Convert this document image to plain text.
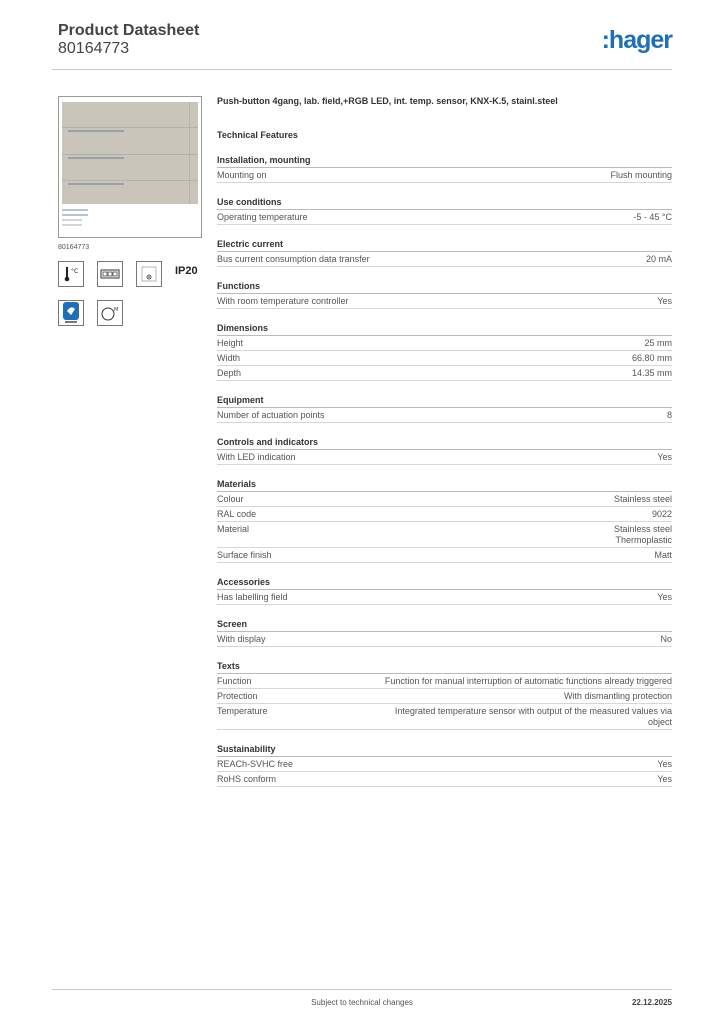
Product Datasheet
80164773	:hager
80164773
°C	IP20
M
Push-button 4gang, lab. field,+RGB LED, int. temp. sensor, KNX-K.5, stainl.steel
Technical Features
Installation, mounting
Mounting on	Flush mounting
Use conditions
Operating temperature	-5 - 45 °C
Electric current
Bus current consumption data transfer	20 mA
Functions
With room temperature controller	Yes
Dimensions
Height	25 mm
Width	66.80 mm
Depth	14.35 mm
Equipment
Number of actuation points	8
Controls and indicators
With LED indication	Yes
Materials
Colour	Stainless steel
RAL code	9022
Material	Stainless steel
Thermoplastic
Surface finish	Matt
Accessories
Has labelling field	Yes
Screen
With display	No
Texts
Function	Function for manual interruption of automatic functions already triggered
Protection	With dismantling protection
Temperature	Integrated temperature sensor with output of the measured values via object
Sustainability
REACh-SVHC free	Yes
RoHS conform	Yes
Subject to technical changes	22.12.2025
